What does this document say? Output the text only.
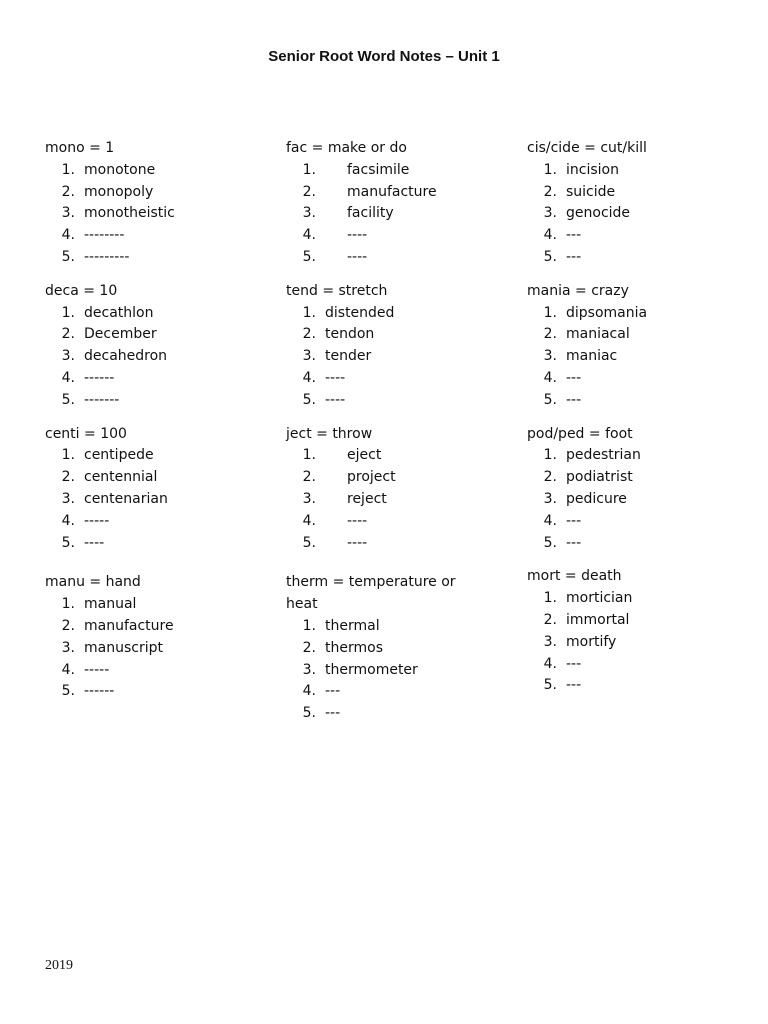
Senior Root Word Notes – Unit 1
mono = 1
1. monotone
2. monopoly
3. monotheistic
4. --------
5. ---------
deca = 10
1. decathlon
2. December
3. decahedron
4. ------
5. -------
centi = 100
1. centipede
2. centennial
3. centenarian
4. -----
5. ----
manu = hand
1. manual
2. manufacture
3. manuscript
4. -----
5. ------
fac = make or do
1. facsimile
2. manufacture
3. facility
4. ----
5. ----
tend = stretch
1. distended
2. tendon
3. tender
4. ----
5. ----
ject = throw
1. eject
2. project
3. reject
4. ----
5. ----
therm = temperature or heat
1. thermal
2. thermos
3. thermometer
4. ---
5. ---
cis/cide = cut/kill
1. incision
2. suicide
3. genocide
4. ---
5. ---
mania = crazy
1. dipsomania
2. maniacal
3. maniac
4. ---
5. ---
pod/ped = foot
1. pedestrian
2. podiatrist
3. pedicure
4. ---
5. ---
mort = death
1. mortician
2. immortal
3. mortify
4. ---
5. ---
2019
